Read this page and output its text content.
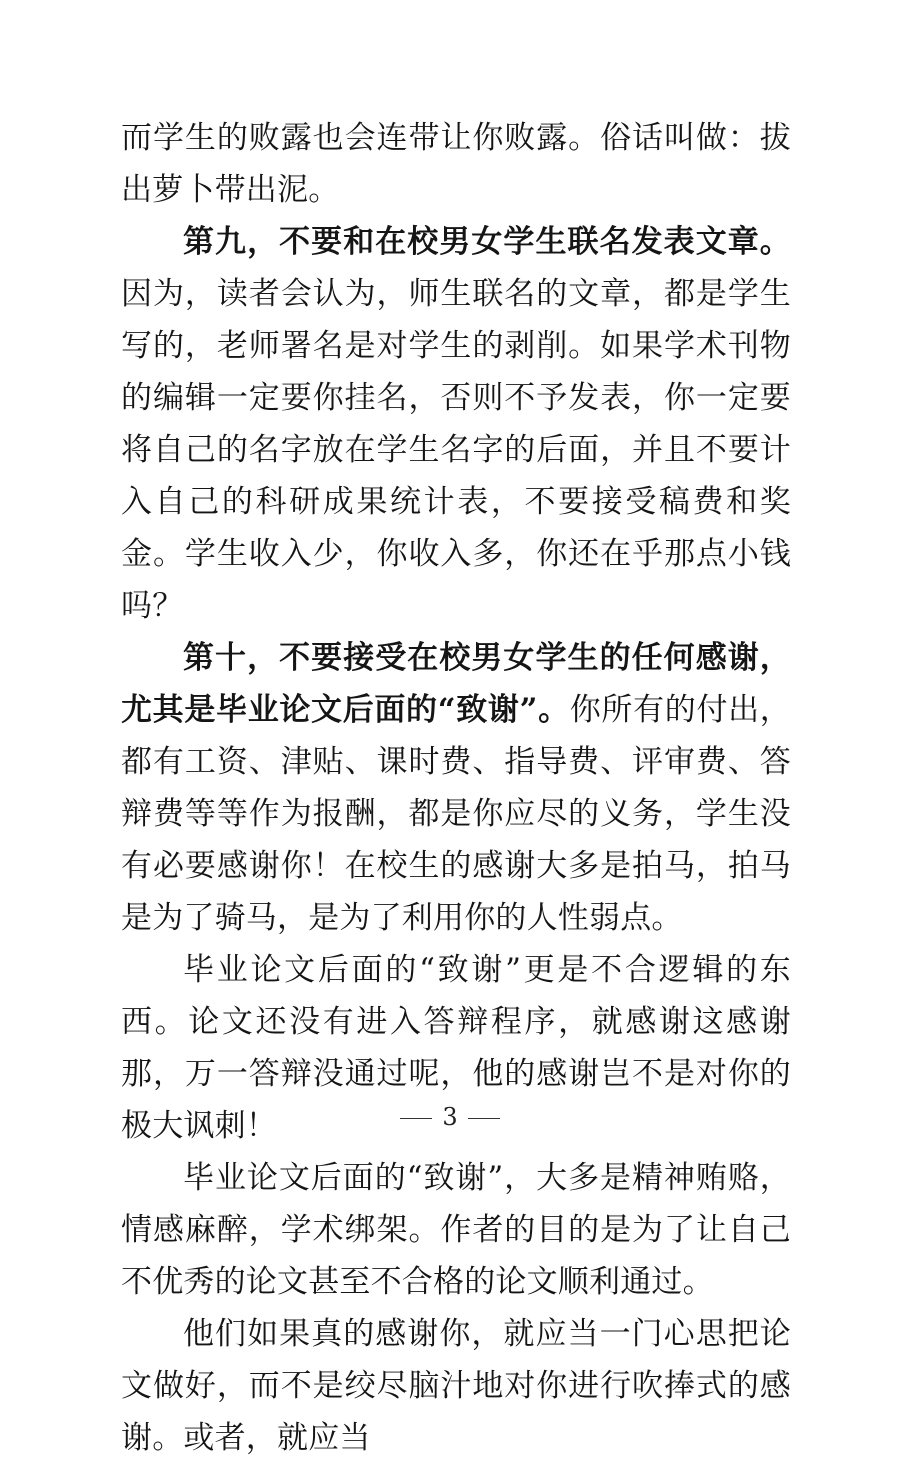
而学生的败露也会连带让你败露。俗话叫做：拔出萝卜带出泥。

第九，不要和在校男女学生联名发表文章。因为，读者会认为，师生联名的文章，都是学生写的，老师署名是对学生的剥削。如果学术刊物的编辑一定要你挂名，否则不予发表，你一定要将自己的名字放在学生名字的后面，并且不要计入自己的科研成果统计表，不要接受稿费和奖金。学生收入少，你收入多，你还在乎那点小钱吗？

第十，不要接受在校男女学生的任何感谢，尤其是毕业论文后面的“致谢”。你所有的付出，都有工资、津贴、课时费、指导费、评审费、答辩费等等作为报酬，都是你应尽的义务，学生没有必要感谢你！在校生的感谢大多是拍马，拍马是为了骑马，是为了利用你的人性弱点。

毕业论文后面的“致谢”更是不合逻辑的东西。论文还没有进入答辩程序，就感谢这感谢那，万一答辩没通过呢，他的感谢岂不是对你的极大讽刺！

毕业论文后面的“致谢”，大多是精神贿赂，情感麻醉，学术绑架。作者的目的是为了让自己不优秀的论文甚至不合格的论文顺利通过。

他们如果真的感谢你，就应当一门心思把论文做好，而不是绞尽脑汁地对你进行吹捧式的感谢。或者，就应当

3
